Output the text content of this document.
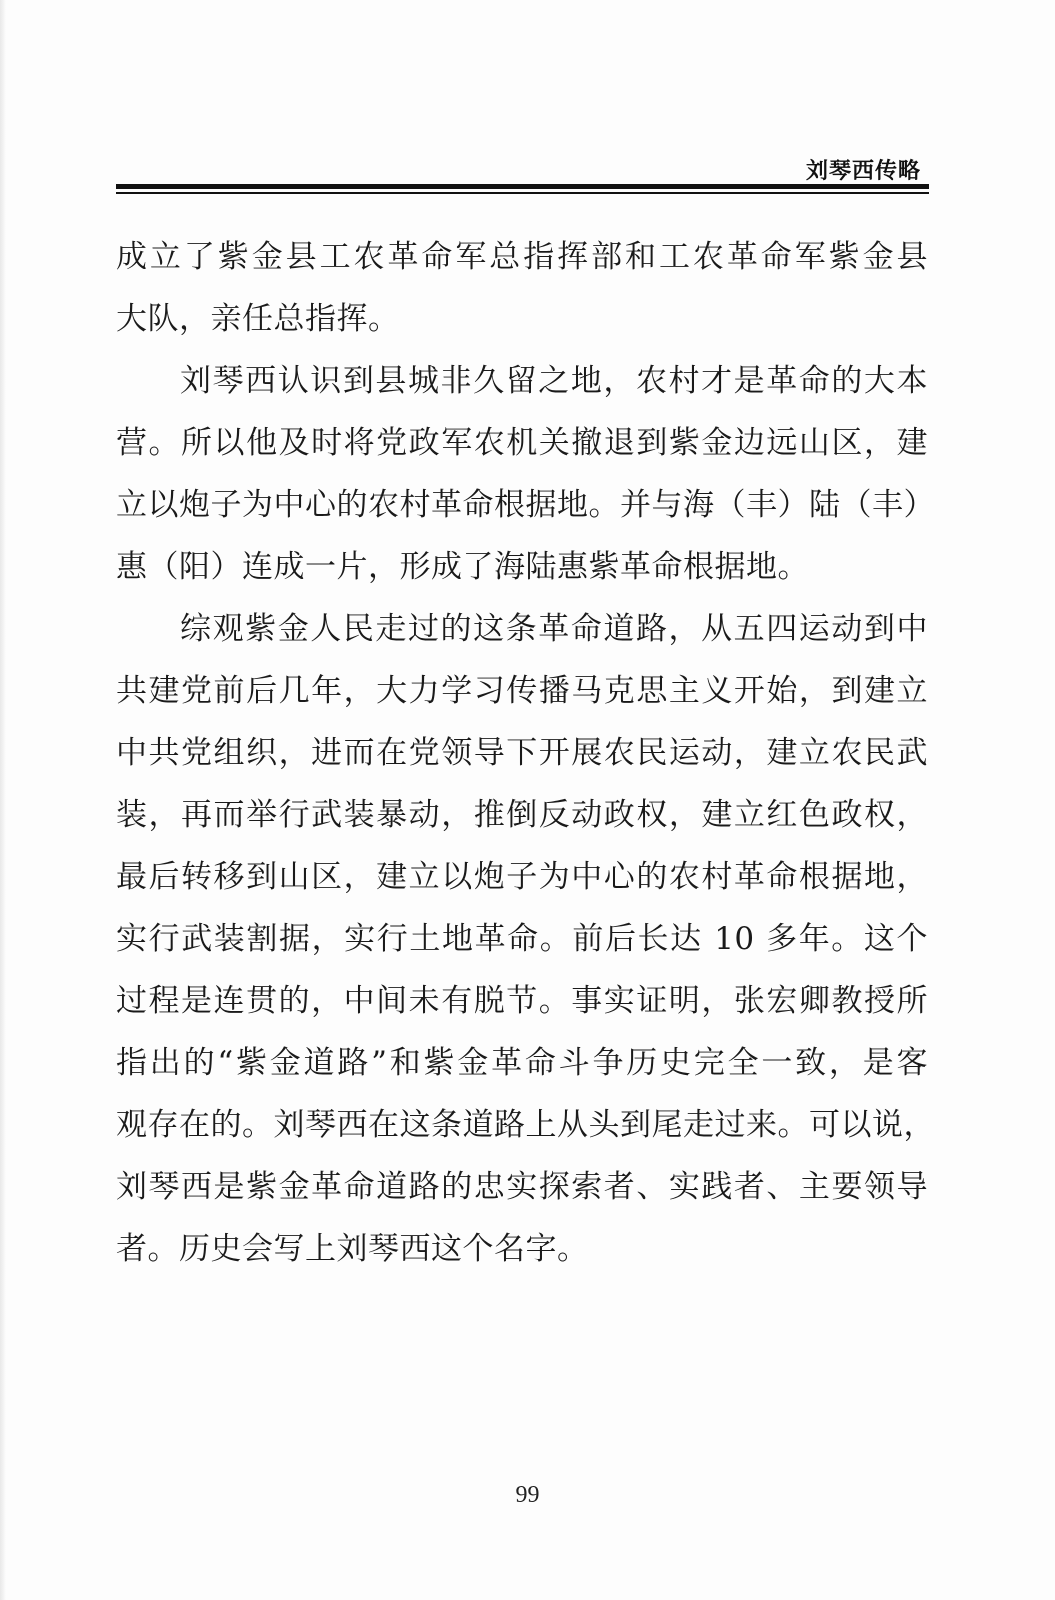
刘琴西传略
成立了紫金县工农革命军总指挥部和工农革命军紫金县
大队，亲任总指挥。
刘琴西认识到县城非久留之地，农村才是革命的大本
营。所以他及时将党政军农机关撤退到紫金边远山区，建
立以炮子为中心的农村革命根据地。并与海（丰）陆（丰）
惠（阳）连成一片，形成了海陆惠紫革命根据地。
综观紫金人民走过的这条革命道路，从五四运动到中
共建党前后几年，大力学习传播马克思主义开始，到建立
中共党组织，进而在党领导下开展农民运动，建立农民武
装，再而举行武装暴动，推倒反动政权，建立红色政权，
最后转移到山区，建立以炮子为中心的农村革命根据地，
实行武装割据，实行土地革命。前后长达 10 多年。这个
过程是连贯的，中间未有脱节。事实证明，张宏卿教授所
指出的“紫金道路”和紫金革命斗争历史完全一致，是客
观存在的。刘琴西在这条道路上从头到尾走过来。可以说，
刘琴西是紫金革命道路的忠实探索者、实践者、主要领导
者。历史会写上刘琴西这个名字。
99
